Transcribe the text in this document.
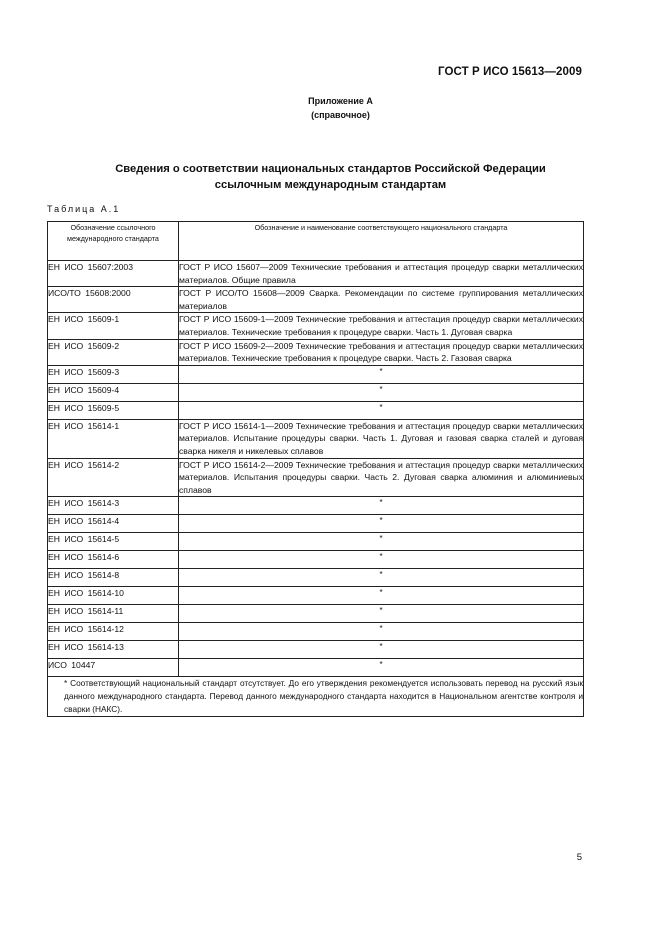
ГОСТ Р ИСО 15613—2009
Приложение А
(справочное)
Сведения о соответствии национальных стандартов Российской Федерации
ссылочным международным стандартам
Таблица А.1
Обозначение ссылочного международного стандарта	Обозначение и наименование соответствующего национального стандарта
ЕН ИСО 15607:2003	ГОСТ Р ИСО 15607—2009 Технические требования и аттестация процедур сварки металлических материалов. Общие правила
ИСО/ТО 15608:2000	ГОСТ Р ИСО/ТО 15608—2009 Сварка. Рекомендации по системе группирования металлических материалов
ЕН ИСО 15609-1	ГОСТ Р ИСО 15609-1—2009 Технические требования и аттестация процедур сварки металлических материалов. Технические требования к процедуре сварки. Часть 1. Дуговая сварка
ЕН ИСО 15609-2	ГОСТ Р ИСО 15609-2—2009 Технические требования и аттестация процедур сварки металлических материалов. Технические требования к процедуре сварки. Часть 2. Газовая сварка
ЕН ИСО 15609-3	*
ЕН ИСО 15609-4	*
ЕН ИСО 15609-5	*
ЕН ИСО 15614-1	ГОСТ Р ИСО 15614-1—2009 Технические требования и аттестация процедур сварки металлических материалов. Испытание процедуры сварки. Часть 1. Дуговая и газовая сварка сталей и дуговая сварка никеля и никелевых сплавов
ЕН ИСО 15614-2	ГОСТ Р ИСО 15614-2—2009 Технические требования и аттестация процедур сварки металлических материалов. Испытания процедуры сварки. Часть 2. Дуговая сварка алюминия и алюминиевых сплавов
ЕН ИСО 15614-3	*
ЕН ИСО 15614-4	*
ЕН ИСО 15614-5	*
ЕН ИСО 15614-6	*
ЕН ИСО 15614-8	*
ЕН ИСО 15614-10	*
ЕН ИСО 15614-11	*
ЕН ИСО 15614-12	*
ЕН ИСО 15614-13	*
ИСО 10447	*

* Соответствующий национальный стандарт отсутствует. До его утверждения рекомендуется использовать перевод на русский язык данного международного стандарта. Перевод данного международного стандарта находится в Национальном агентстве контроля и сварки (НАКС).	
5
